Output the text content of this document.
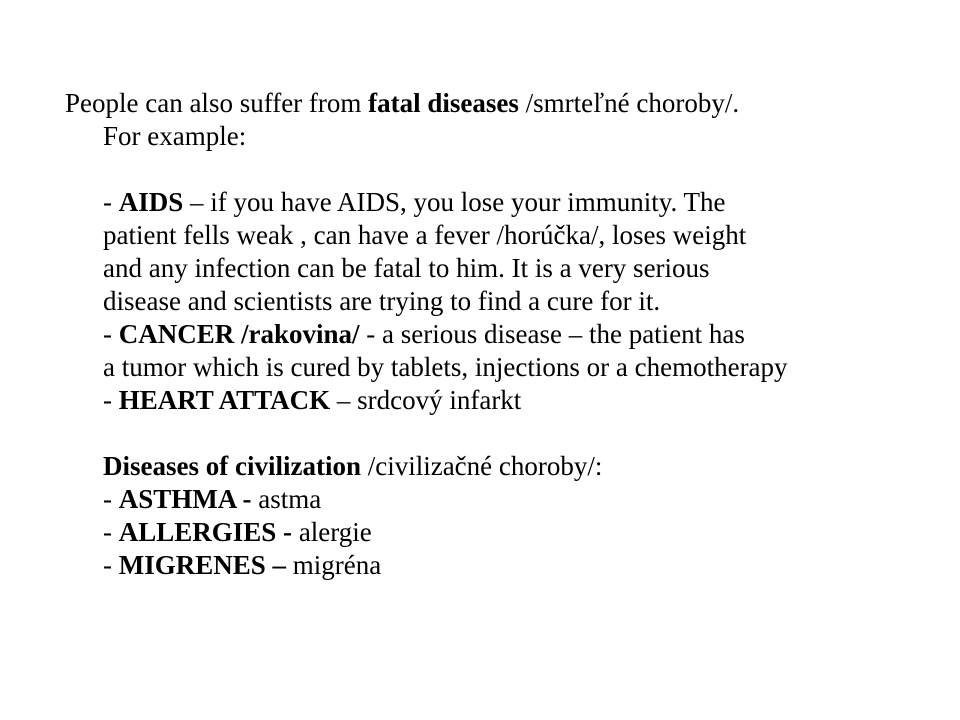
People can also suffer from fatal diseases /smrteľné choroby/.
For example:
- AIDS – if you have AIDS, you lose your immunity. The
patient fells weak , can have a fever /horúčka/, loses weight
and any infection can be fatal to him. It is a very serious
disease and scientists are trying to find a cure for it.
- CANCER /rakovina/ - a serious disease – the patient has
a tumor which is cured by tablets, injections or a chemotherapy
- HEART ATTACK – srdcový infarkt
Diseases of civilization /civilizačné choroby/:
- ASTHMA - astma
- ALLERGIES - alergie
- MIGRENES – migréna
